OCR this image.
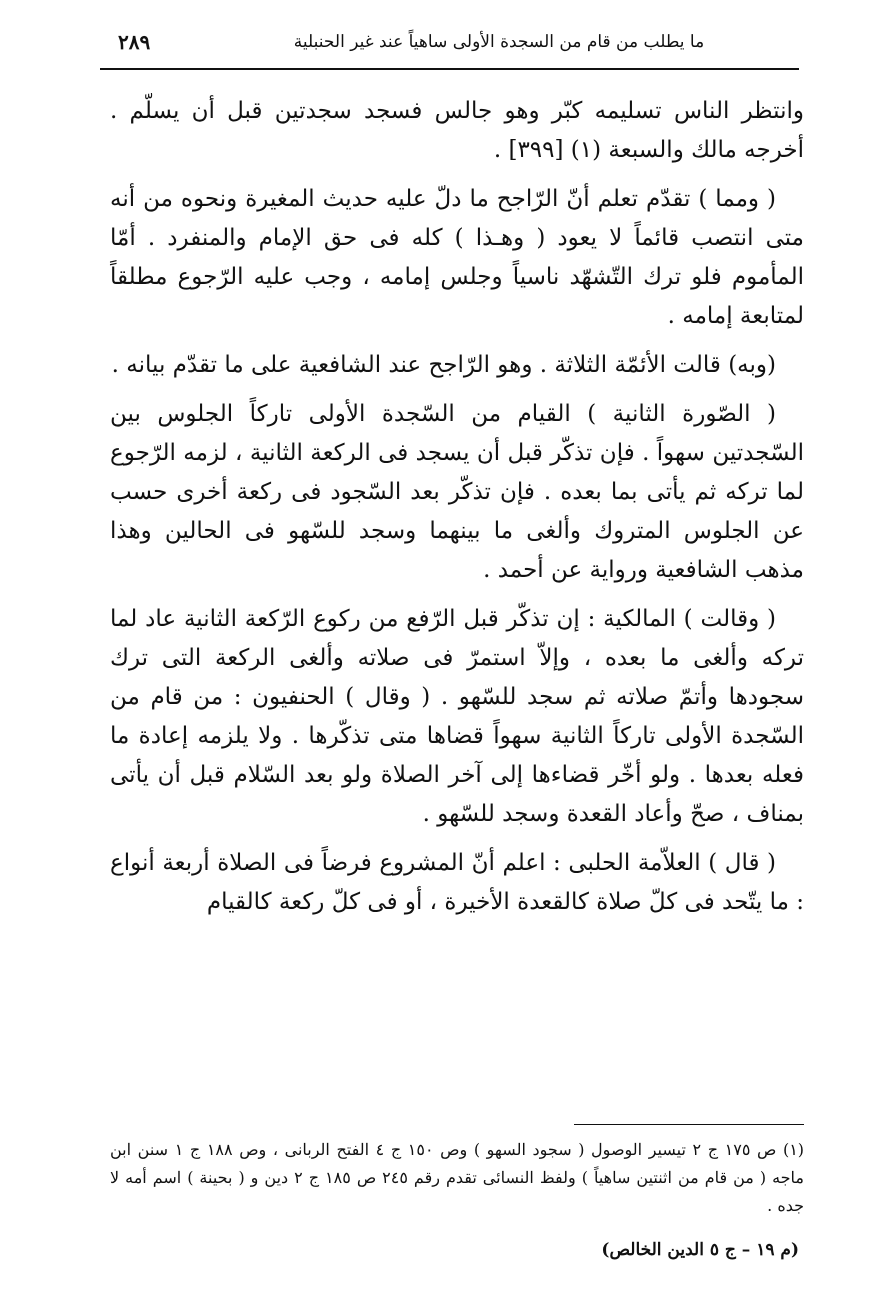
ما يطلب من قام من السجدة الأولى ساهياً عند غير الحنبلية
٢٨٩

وانتظر الناس تسليمه كبّر وهو جالس فسجد سجدتين قبل أن يسلّم . أخرجه مالك والسبعة (١) [٣٩٩] .

( ومما ) تقدّم تعلم أنّ الرّاجح ما دلّ عليه حديث المغيرة ونحوه من أنه متى انتصب قائماً لا يعود ( وهـذا ) كله فى حق الإمام والمنفرد . أمّا المأموم فلو ترك التّشهّد ناسياً وجلس إمامه ، وجب عليه الرّجوع مطلقاً لمتابعة إمامه .

(وبه) قالت الأئمّة الثلاثة . وهو الرّاجح عند الشافعية على ما تقدّم بيانه .

( الصّورة الثانية ) القيام من السّجدة الأولى تاركاً الجلوس بين السّجدتين سهواً . فإن تذكّر قبل أن يسجد فى الركعة الثانية ، لزمه الرّجوع لما تركه ثم يأتى بما بعده . فإن تذكّر بعد السّجود فى ركعة أخرى حسب عن الجلوس المتروك وألغى ما بينهما وسجد للسّهو فى الحالين وهذا مذهب الشافعية ورواية عن أحمد .

( وقالت ) المالكية : إن تذكّر قبل الرّفع من ركوع الرّكعة الثانية عاد لما تركه وألغى ما بعده ، وإلاّ استمرّ فى صلاته وألغى الركعة التى ترك سجودها وأتمّ صلاته ثم سجد للسّهو . ( وقال ) الحنفيون : من قام من السّجدة الأولى تاركاً الثانية سهواً قضاها متى تذكّرها . ولا يلزمه إعادة ما فعله بعدها . ولو أخّر قضاءها إلى آخر الصلاة ولو بعد السّلام قبل أن يأتى بمناف ، صحّ وأعاد القعدة وسجد للسّهو .

( قال ) العلاّمة الحلبى : اعلم أنّ المشروع فرضاً فى الصلاة أربعة أنواع : ما يتّحد فى كلّ صلاة كالقعدة الأخيرة ، أو فى كلّ ركعة كالقيام

(١) ص ١٧٥ ج ٢ تيسير الوصول ( سجود السهو ) وص ١٥٠ ج ٤ الفتح الربانى ، وص ١٨٨ ج ١ سنن ابن ماجه ( من قام من اثنتين ساهياً ) ولفظ النسائى تقدم رقم ٢٤٥ ص ١٨٥ ج ٢ دين و ( بحينة ) اسم أمه لا جده .

(م ١٩ – ج ٥ الدين الخالص)
